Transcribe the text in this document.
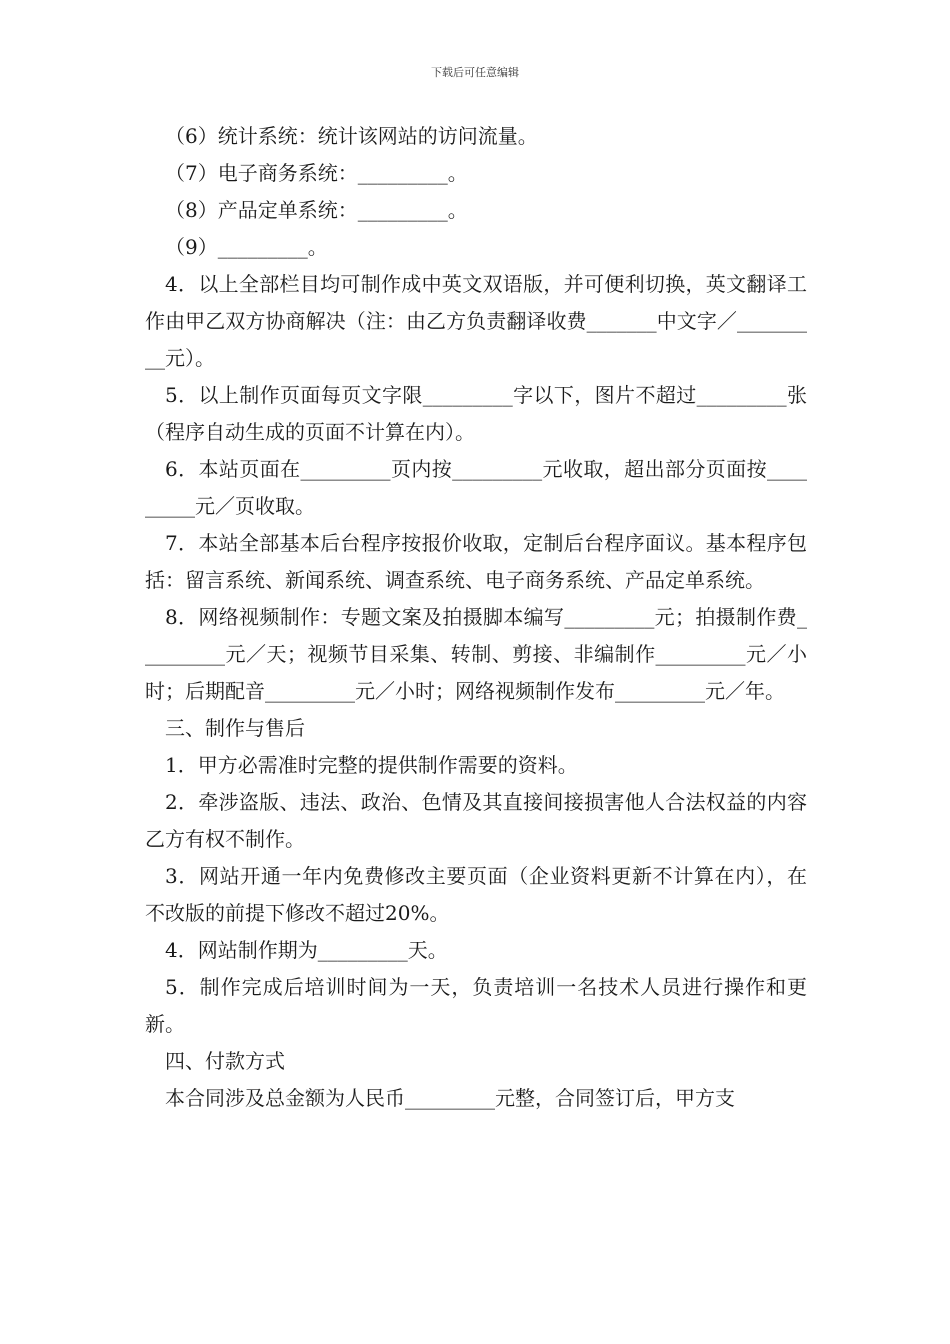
下载后可任意编辑

（6）统计系统：统计该网站的访问流量。

（7）电子商务系统：_________。

（8）产品定单系统：_________。

（9）_________。

4．以上全部栏目均可制作成中英文双语版，并可便利切换，英文翻译工作由甲乙双方协商解决（注：由乙方负责翻译收费_______中文字／_________元）。

5．以上制作页面每页文字限_________字以下，图片不超过_________张（程序自动生成的页面不计算在内）。

6．本站页面在_________页内按_________元收取，超出部分页面按_________元／页收取。

7．本站全部基本后台程序按报价收取，定制后台程序面议。基本程序包括：留言系统、新闻系统、调查系统、电子商务系统、产品定单系统。

8．网络视频制作：专题文案及拍摄脚本编写_________元；拍摄制作费_________元／天；视频节目采集、转制、剪接、非编制作_________元／小时；后期配音_________元／小时；网络视频制作发布_________元／年。

三、制作与售后

1．甲方必需准时完整的提供制作需要的资料。

2．牵涉盗版、违法、政治、色情及其直接间接损害他人合法权益的内容乙方有权不制作。

3．网站开通一年内免费修改主要页面（企业资料更新不计算在内），在不改版的前提下修改不超过20%。

4．网站制作期为_________天。

5．制作完成后培训时间为一天，负责培训一名技术人员进行操作和更新。

四、付款方式

本合同涉及总金额为人民币_________元整，合同签订后，甲方支
